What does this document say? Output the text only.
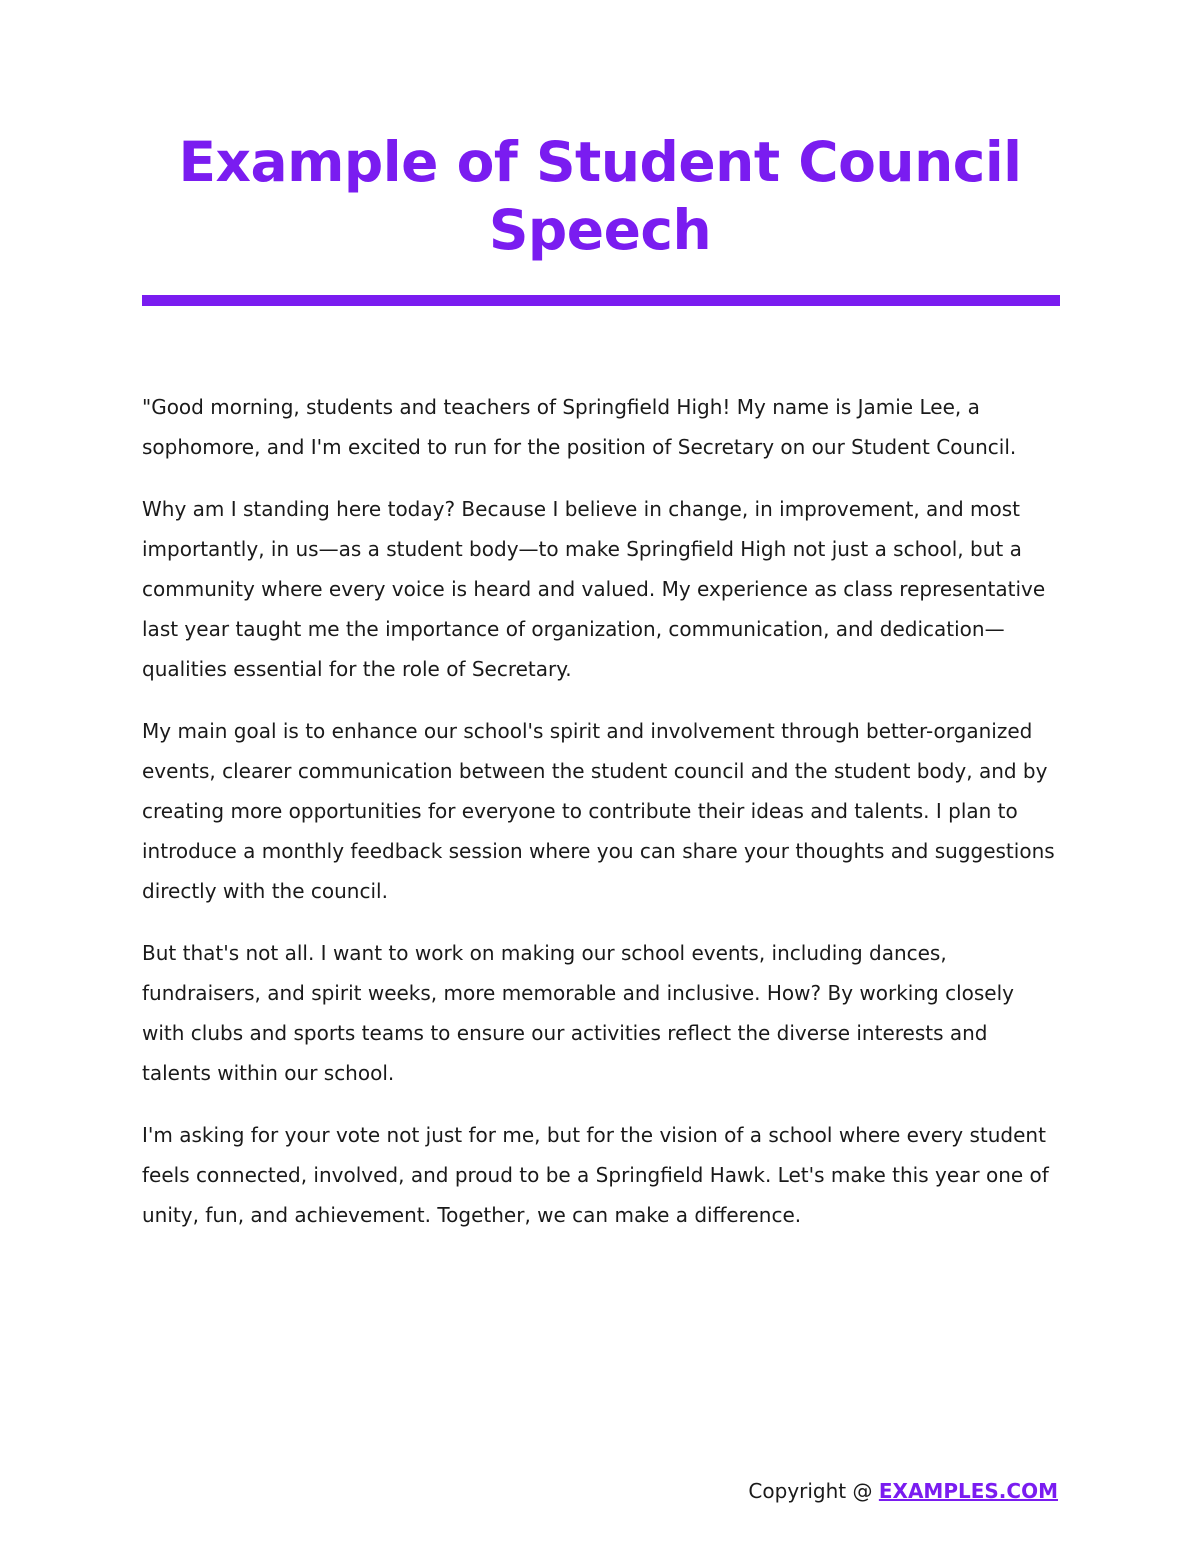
Example of Student Council
Speech

"Good morning, students and teachers of Springfield High! My name is Jamie Lee, a sophomore, and I'm excited to run for the position of Secretary on our Student Council.

Why am I standing here today? Because I believe in change, in improvement, and most importantly, in us—as a student body—to make Springfield High not just a school, but a community where every voice is heard and valued. My experience as class representative last year taught me the importance of organization, communication, and dedication—qualities essential for the role of Secretary.

My main goal is to enhance our school's spirit and involvement through better-organized events, clearer communication between the student council and the student body, and by creating more opportunities for everyone to contribute their ideas and talents. I plan to introduce a monthly feedback session where you can share your thoughts and suggestions directly with the council.

But that's not all. I want to work on making our school events, including dances, fundraisers, and spirit weeks, more memorable and inclusive. How? By working closely with clubs and sports teams to ensure our activities reflect the diverse interests and talents within our school.

I'm asking for your vote not just for me, but for the vision of a school where every student feels connected, involved, and proud to be a Springfield Hawk. Let's make this year one of unity, fun, and achievement. Together, we can make a difference.

Copyright @ EXAMPLES.COM
